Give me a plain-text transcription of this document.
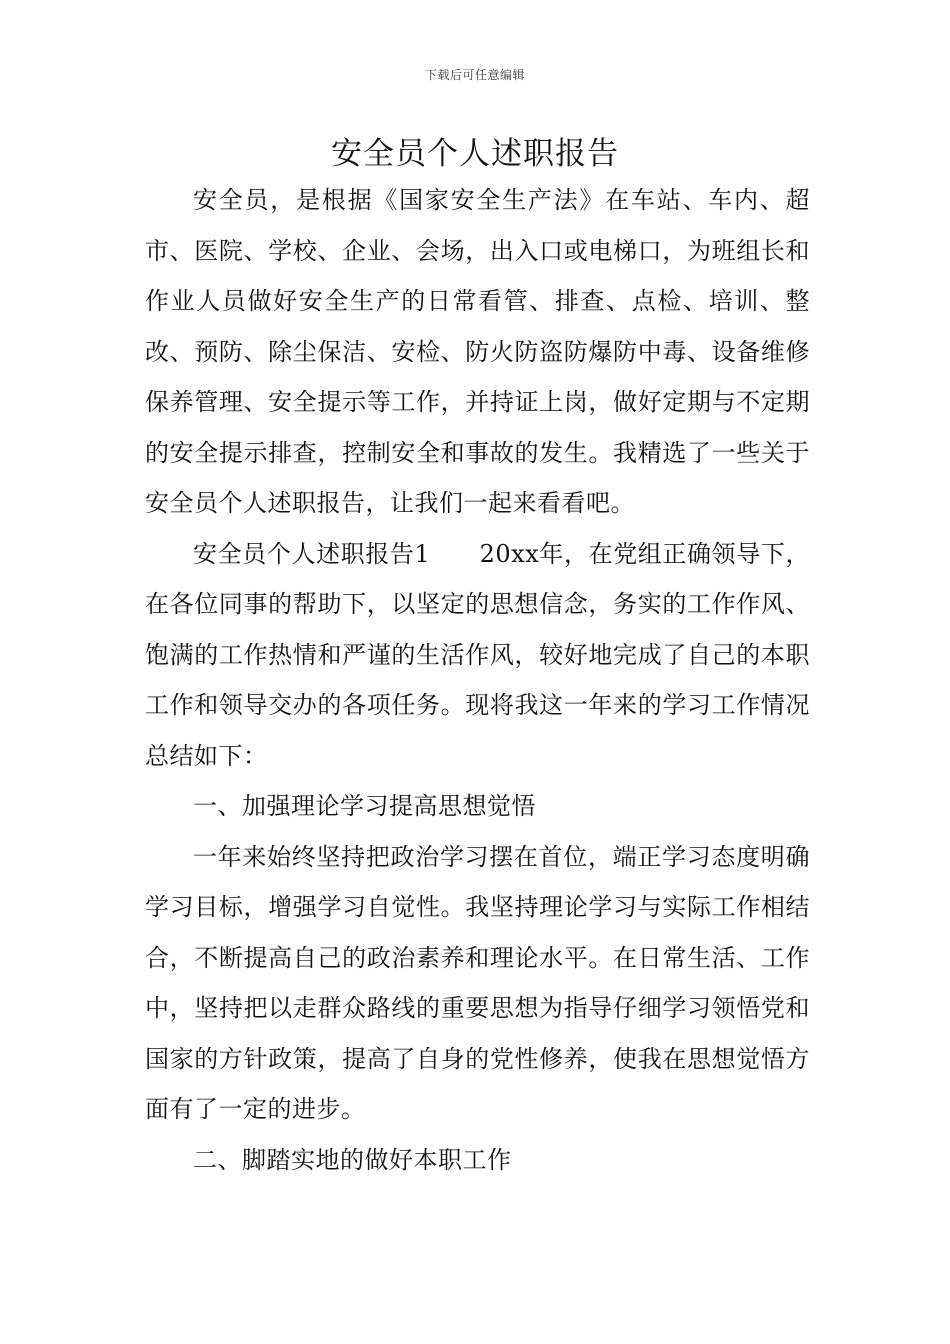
下载后可任意编辑
安全员个人述职报告

安全员，是根据《国家安全生产法》在车站、车内、超市、医院、学校、企业、会场，出入口或电梯口，为班组长和作业人员做好安全生产的日常看管、排查、点检、培训、整改、预防、除尘保洁、安检、防火防盗防爆防中毒、设备维修保养管理、安全提示等工作，并持证上岗，做好定期与不定期的安全提示排查，控制安全和事故的发生。我精选了一些关于安全员个人述职报告，让我们一起来看看吧。

安全员个人述职报告1　　20xx年，在党组正确领导下，在各位同事的帮助下，以坚定的思想信念，务实的工作作风、饱满的工作热情和严谨的生活作风，较好地完成了自己的本职工作和领导交办的各项任务。现将我这一年来的学习工作情况总结如下：

一、加强理论学习提高思想觉悟

一年来始终坚持把政治学习摆在首位，端正学习态度明确学习目标，增强学习自觉性。我坚持理论学习与实际工作相结合，不断提高自己的政治素养和理论水平。在日常生活、工作中，坚持把以走群众路线的重要思想为指导仔细学习领悟党和国家的方针政策，提高了自身的党性修养，使我在思想觉悟方面有了一定的进步。

二、脚踏实地的做好本职工作
